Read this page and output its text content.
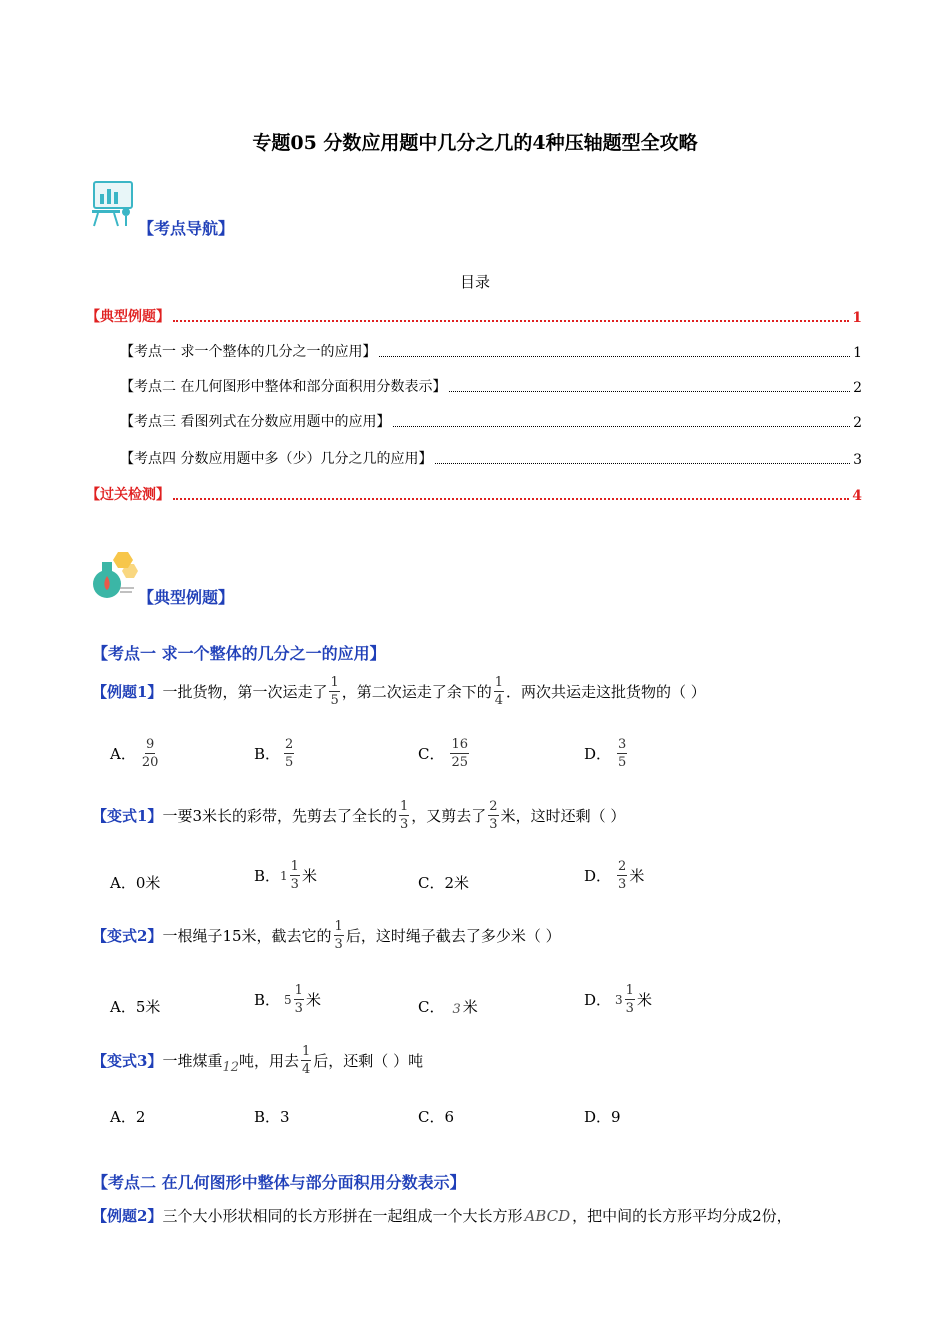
专题05 分数应用题中几分之几的4种压轴题型全攻略
【考点导航】
目录
【典型例题】	1
【考点一 求一个整体的几分之一的应用】	1
【考点二 在几何图形中整体和部分面积用分数表示】	2
【考点三 看图列式在分数应用题中的应用】	2
【考点四 分数应用题中多（少）几分之几的应用】	3
【过关检测】	4
【典型例题】
【考点一 求一个整体的几分之一的应用】
【例题1】 一批货物，第一次运走了 $\frac{1}{5}$ ，第二次运走了余下的 $\frac{1}{4}$ ．两次共运走这批货物的（ ）
A． $\frac{9}{20}$	B． $\frac{2}{5}$	C． $\frac{16}{25}$	D． $\frac{3}{5}$
【变式1】 一要3米长的彩带，先剪去了全长的 $\frac{1}{3}$ ，又剪去了 $\frac{2}{3}$ 米，这时还剩（ ）
A．0米	B． $1 \frac{1}{3}$ 米	C．2米	D． $\frac{2}{3}$ 米
【变式2】 一根绳子15米，截去它的 $\frac{1}{3}$ 后，这时绳子截去了多少米（ ）
A．5米	B． $5 \frac{1}{3}$ 米	C． 3 米	D． $3 \frac{1}{3}$ 米
【变式3】 一堆煤重 12 吨，用去 $\frac{1}{4}$ 后，还剩（ ）吨
A．2	B．3	C．6	D．9
【考点二 在几何图形中整体与部分面积用分数表示】
【例题2】 三个大小形状相同的长方形拼在一起组成一个大长方形 ABCD ，把中间的长方形平均分成2份，
